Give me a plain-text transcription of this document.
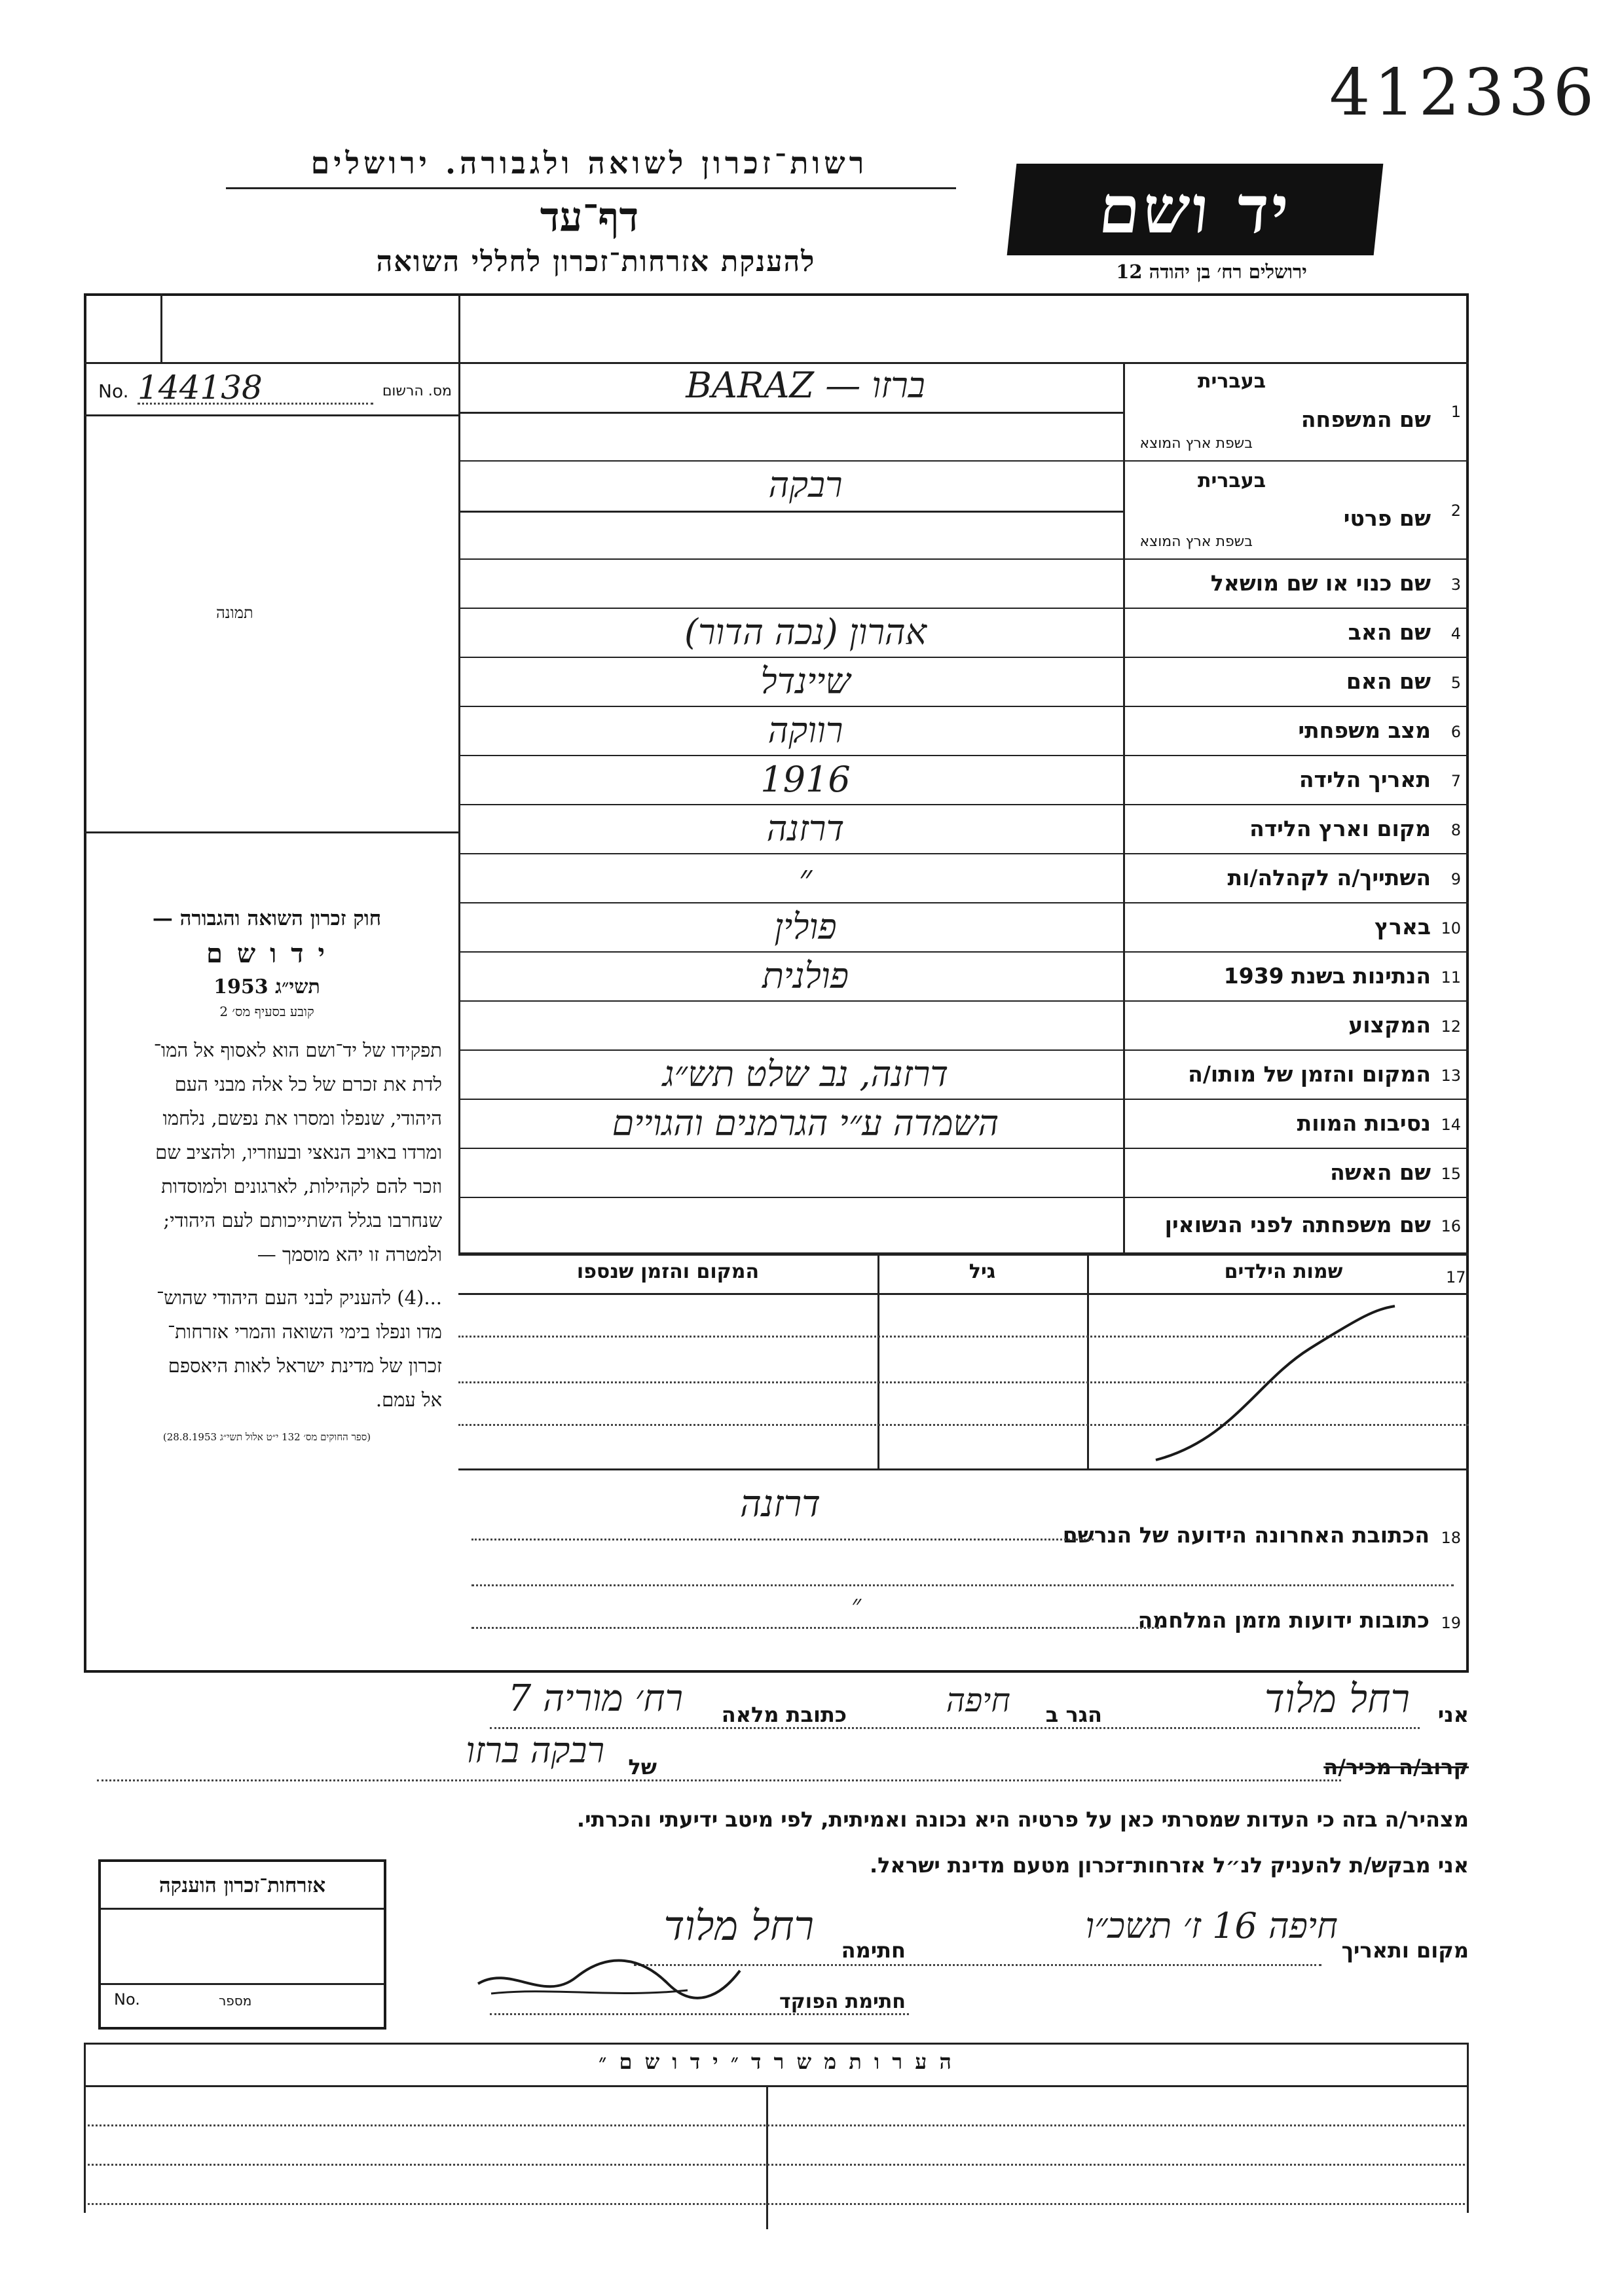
412336
רשות־זכרון לשואה ולגבורה. ירושלים
דף־עד
להענקת אזרחות־זכרון לחללי השואה
יד ושם
ירושלים רח׳ בן יהודה 12
מס. הרשום
No. 144138
תמונה
חוק זכרון השואה והגבורה —
י ד ו ש ם
תשי״ג 1953
קובע בסעיף מס׳ 2
תפקידו של יד־ושם הוא לאסוף אל המו־
לדת את זכרם של כל אלה מבני העם
היהודי, שנפלו ומסרו את נפשם, נלחמו
ומרדו באויב הנאצי ובעוזריו, ולהציב שם
וזכר להם לקהילות, לארגונים ולמוסדות
שנחרבו בגלל השתייכותם לעם היהודי;
ולמטרה זו יהא מוסמך —
...(4) להעניק לבני העם היהודי שהוש־
מדו ונפלו בימי השואה והמרי אזרחות־
זכרון של מדינת ישראל לאות היאספם
אל עמם.
(ספר החוקים מס׳ 132 י״ט אלול תשי״ג 28.8.1953)
1
שם המשפחה
בעברית
בשפת ארץ המוצא
BARAZ — ברזו
2
שם פרטי
בעברית
בשפת ארץ המוצא
רבקה
3
שם כנוי או שם מושאל
4
שם האב
אהרון (נכה הדור)
5
שם האם
שיינדל
6
מצב משפחתי
רווקה
7
תאריך הלידה
1916
8
מקום וארץ הלידה
דרזנה
9
השתייך/ה לקהלה/ות
״
10
בארץ
פולין
11
הנתינות בשנת 1939
פולנית
12
המקצוע
13
המקום והזמן של מותו/ה
דרזנה, נב שלט תש״ג
14
נסיבות המוות
השמדה ע״י הגרמנים והגויים
15
שם האשה
16
שם משפחתה לפני הנשואין
17
שמות הילדים
גיל
המקום והזמן שנספו
18
הכתובת האחרונה הידועה של הנרשם
דרזנה
19
כתובות ידועות מזמן המלחמה
״
אני
רחל מלוד
הגר ב
חיפה
כתובת מלאה
רח׳ מוריה 7
קרוב/ה מכיר/ה
של
רבקה ברזו
מצהיר/ה בזה כי העדות שמסרתי כאן על פרטיה היא נכונה ואמיתית, לפי מיטב ידיעתי והכרתי.
אני מבקש/ת להעניק לנ״ל אזרחות־זכרון מטעם מדינת ישראל.
מקום ותאריך
חיפה 16 ז׳ תשכ״ו
חתימה
רחל מלוד
חתימת הפוקד
אזרחות־זכרון הוענקה
No.	מספר
ה ע ר ו ת מ ש ר ד ״ י ד ו ש ם ״
